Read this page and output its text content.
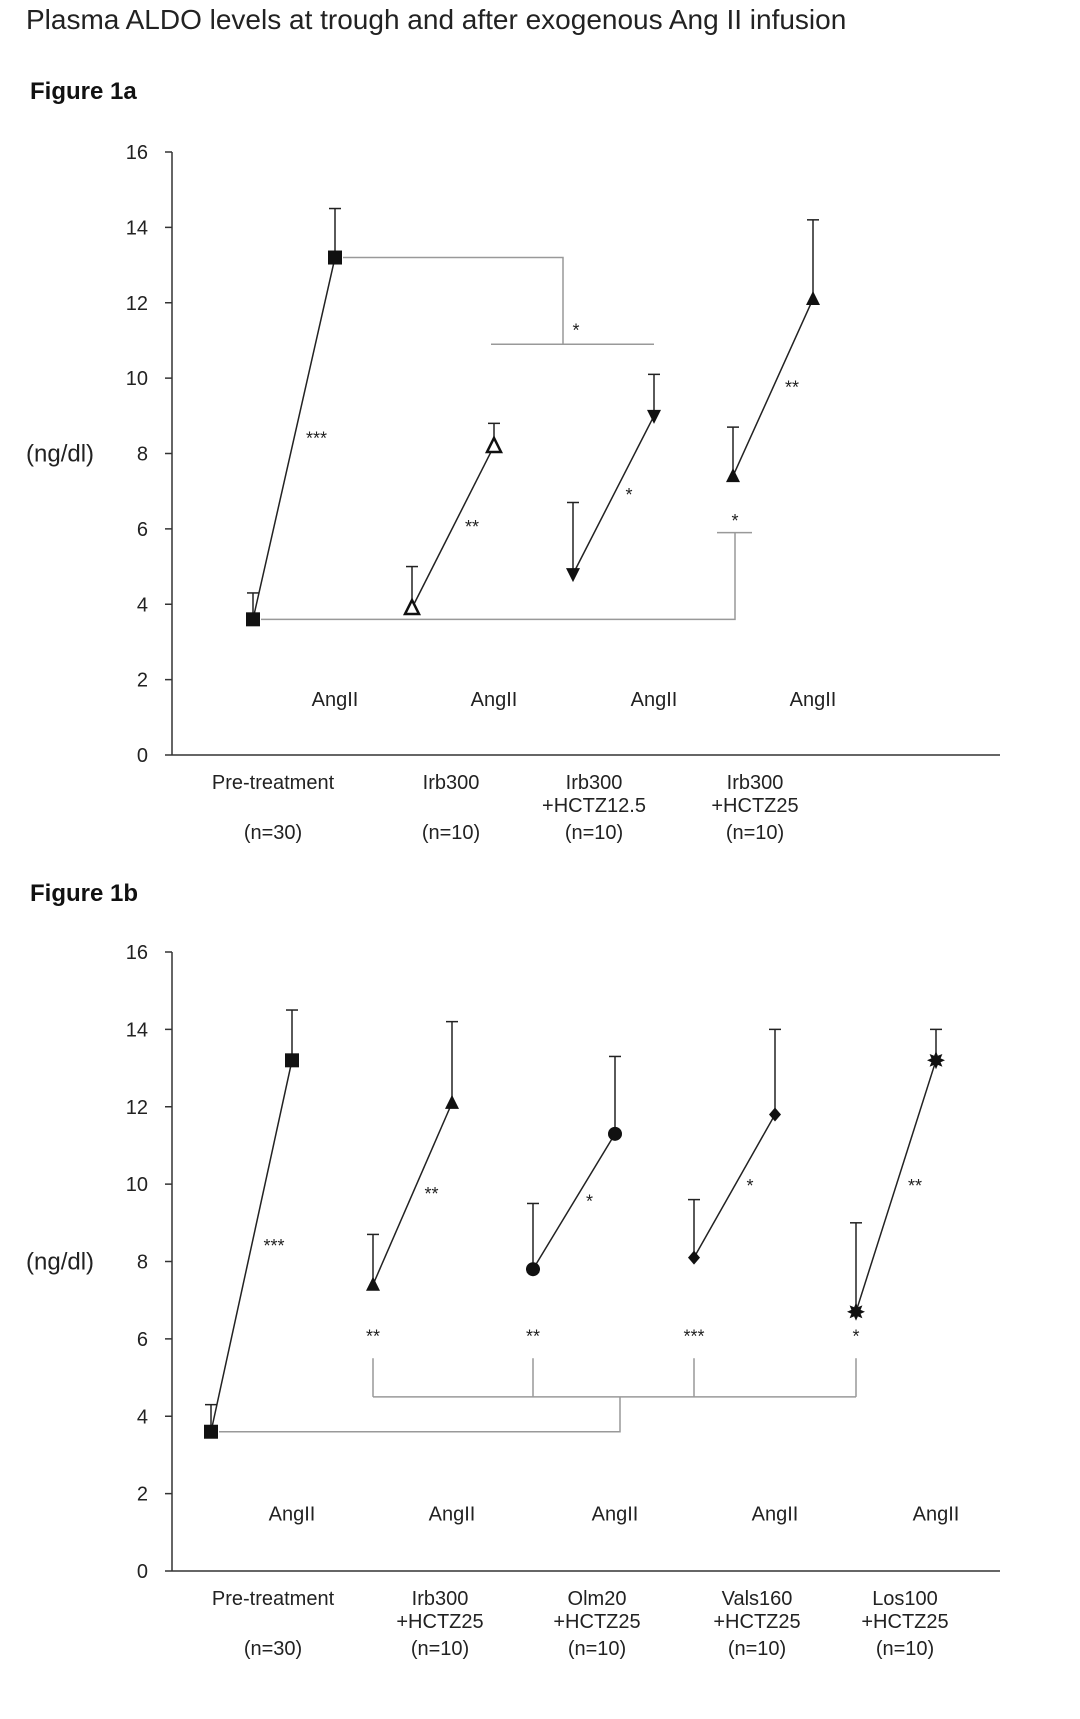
Plasma ALDO levels at trough and after exogenous Ang II infusion
Figure 1a
Figure 1b
0
2
4
6
8
10
12
14
16
(ng/dl)
*
*
***
AngII
Pre-treatment
(n=30)
**
AngII
Irb300
(n=10)
*
AngII
Irb300
+HCTZ12.5
(n=10)
**
AngII
Irb300
+HCTZ25
(n=10)
0
2
4
6
8
10
12
14
16
(ng/dl)
**	**	***	*
***
AngII
Pre-treatment
(n=30)
**
AngII
Irb300
+HCTZ25
(n=10)
*
AngII
Olm20
+HCTZ25
(n=10)
*
AngII
Vals160
+HCTZ25
(n=10)
**
AngII
Los100
+HCTZ25
(n=10)
